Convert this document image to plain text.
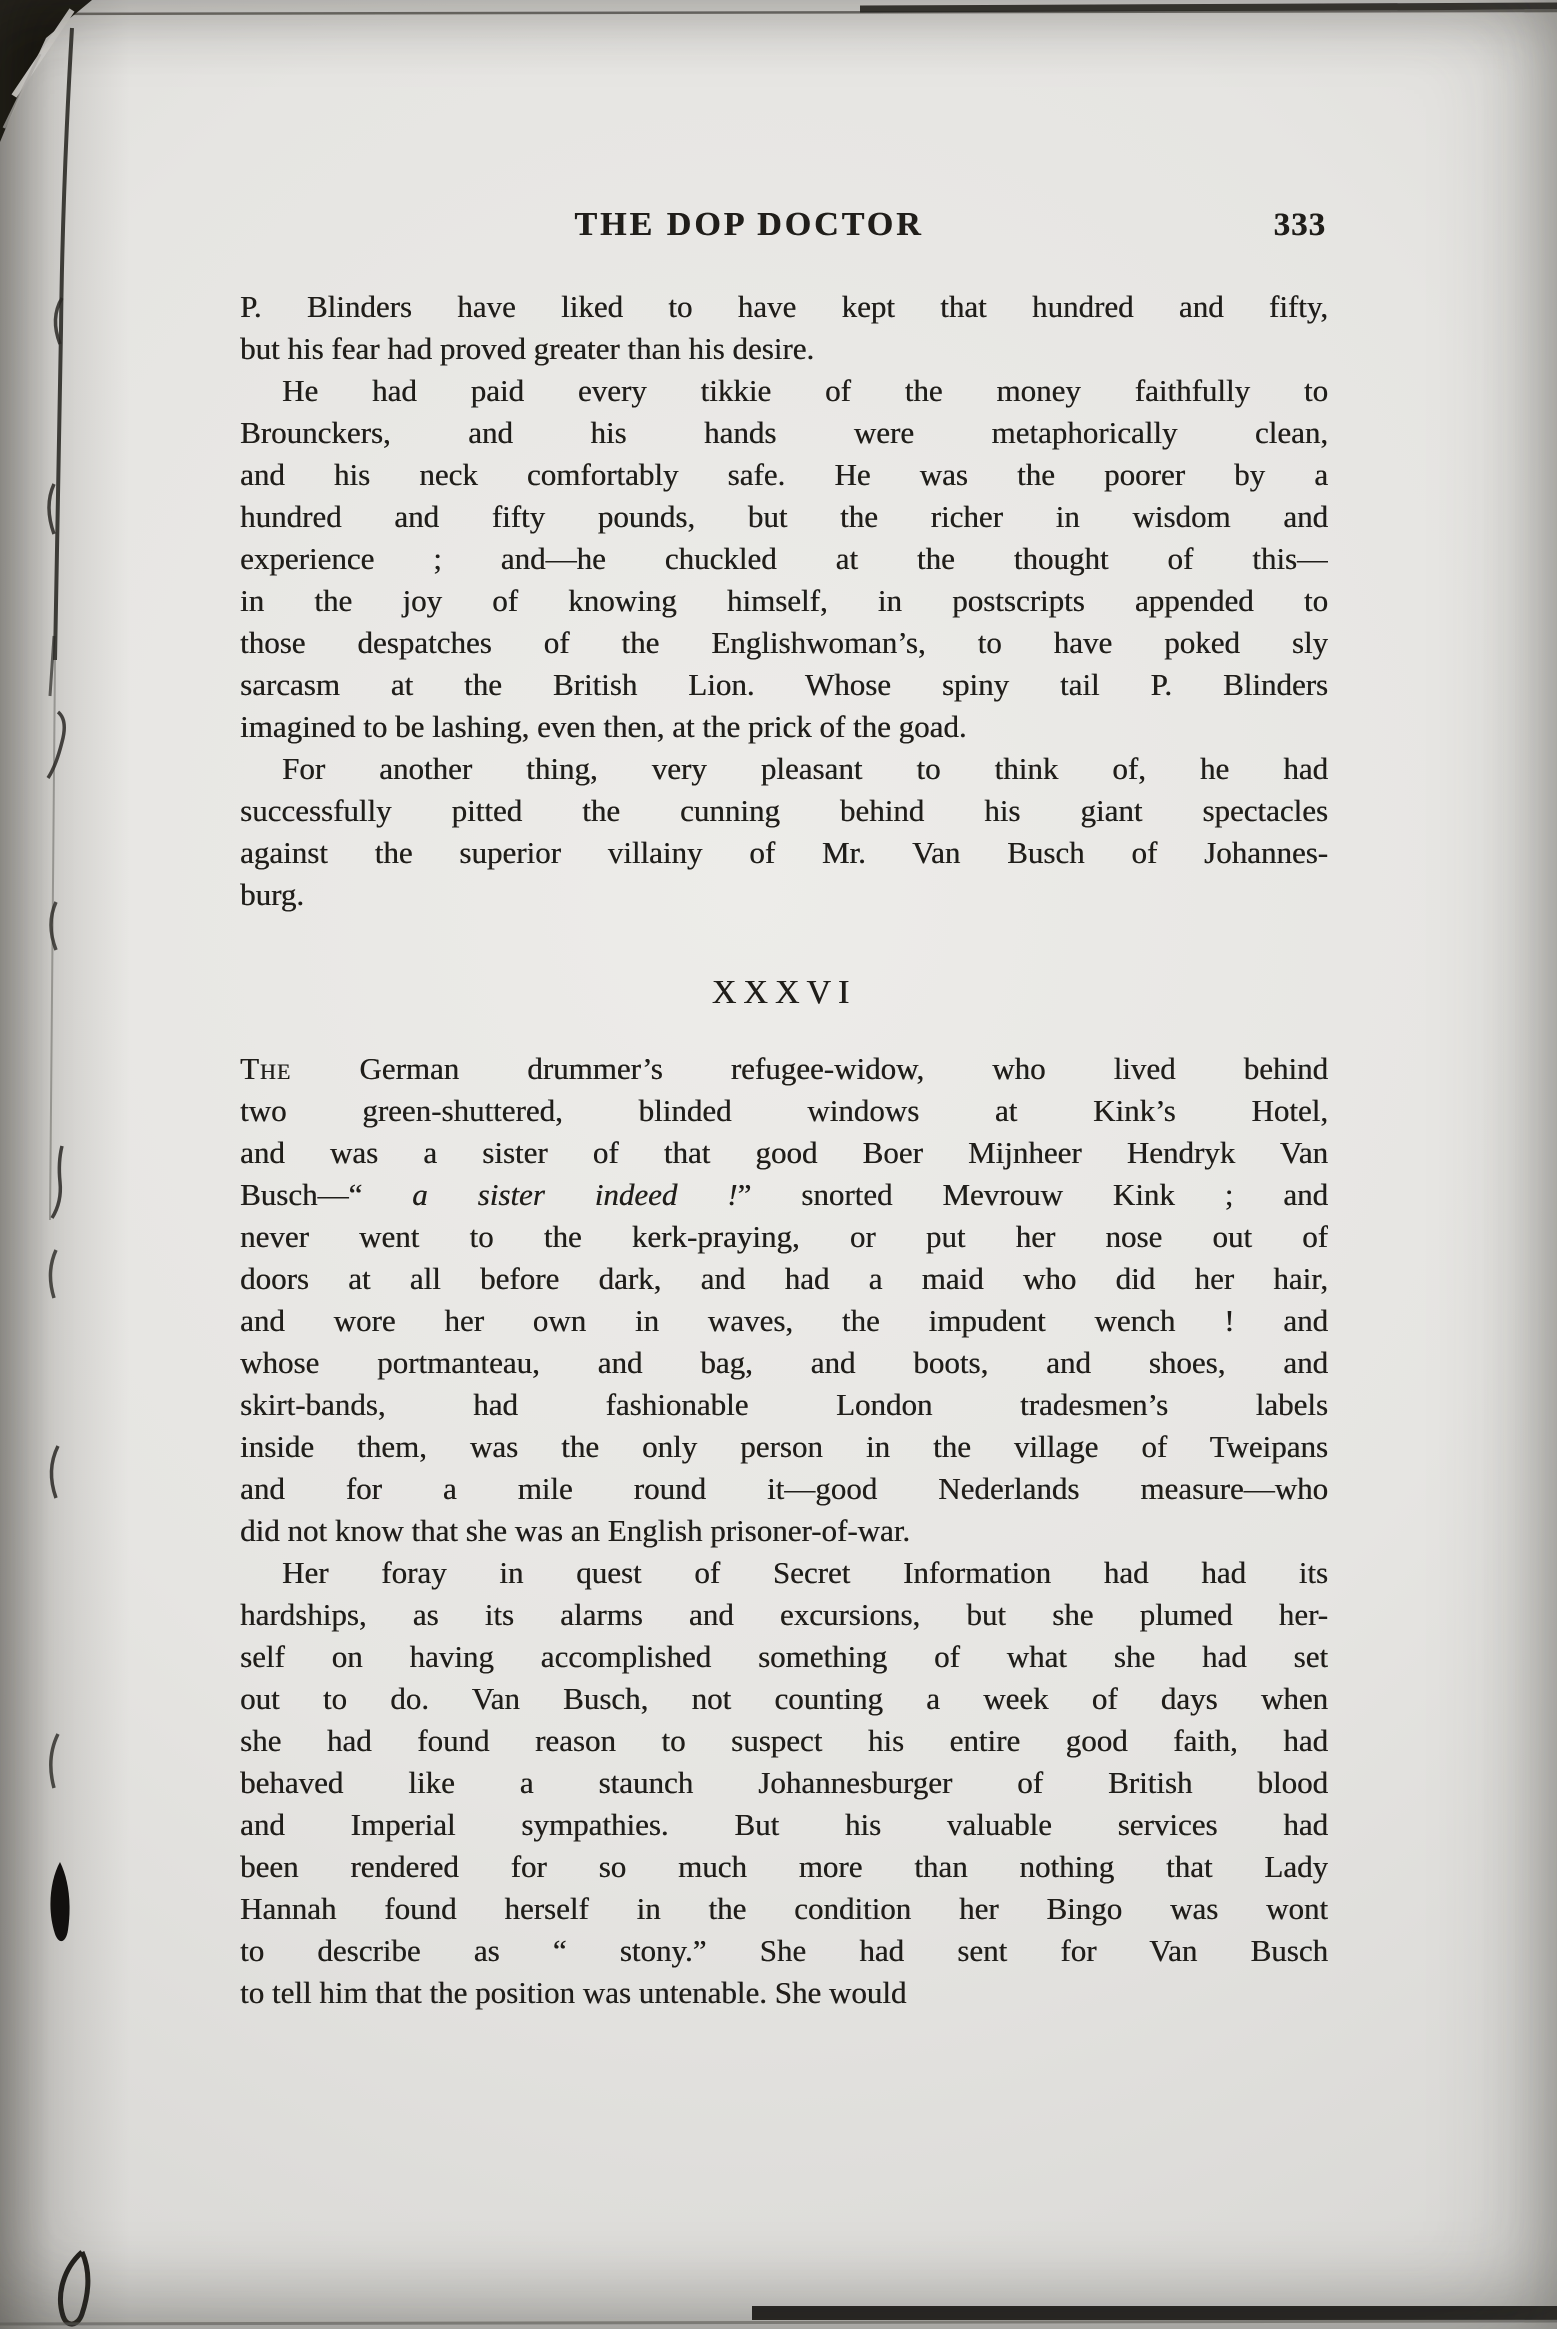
THE DOP DOCTOR	333
P. Blinders have liked to have kept that hundred and fifty,
but his fear had proved greater than his desire.
He had paid every tikkie of the money faithfully to
Brounckers, and his hands were metaphorically clean,
and his neck comfortably safe. He was the poorer by a
hundred and fifty pounds, but the richer in wisdom and
experience ; and—he chuckled at the thought of this—
in the joy of knowing himself, in postscripts appended to
those despatches of the Englishwoman’s, to have poked sly
sarcasm at the British Lion. Whose spiny tail P. Blinders
imagined to be lashing, even then, at the prick of the goad.
For another thing, very pleasant to think of, he had
successfully pitted the cunning behind his giant spectacles
against the superior villainy of Mr. Van Busch of Johannes-
burg.
XXXVI
The German drummer’s refugee-widow, who lived behind
two green-shuttered, blinded windows at Kink’s Hotel,
and was a sister of that good Boer Mijnheer Hendryk Van
Busch—“ a sister indeed !” snorted Mevrouw Kink ; and
never went to the kerk-praying, or put her nose out of
doors at all before dark, and had a maid who did her hair,
and wore her own in waves, the impudent wench ! and
whose portmanteau, and bag, and boots, and shoes, and
skirt-bands, had fashionable London tradesmen’s labels
inside them, was the only person in the village of Tweipans
and for a mile round it—good Nederlands measure—who
did not know that she was an English prisoner-of-war.
Her foray in quest of Secret Information had had its
hardships, as its alarms and excursions, but she plumed her-
self on having accomplished something of what she had set
out to do. Van Busch, not counting a week of days when
she had found reason to suspect his entire good faith, had
behaved like a staunch Johannesburger of British blood
and Imperial sympathies. But his valuable services had
been rendered for so much more than nothing that Lady
Hannah found herself in the condition her Bingo was wont
to describe as “ stony.” She had sent for Van Busch
to tell him that the position was untenable. She would
